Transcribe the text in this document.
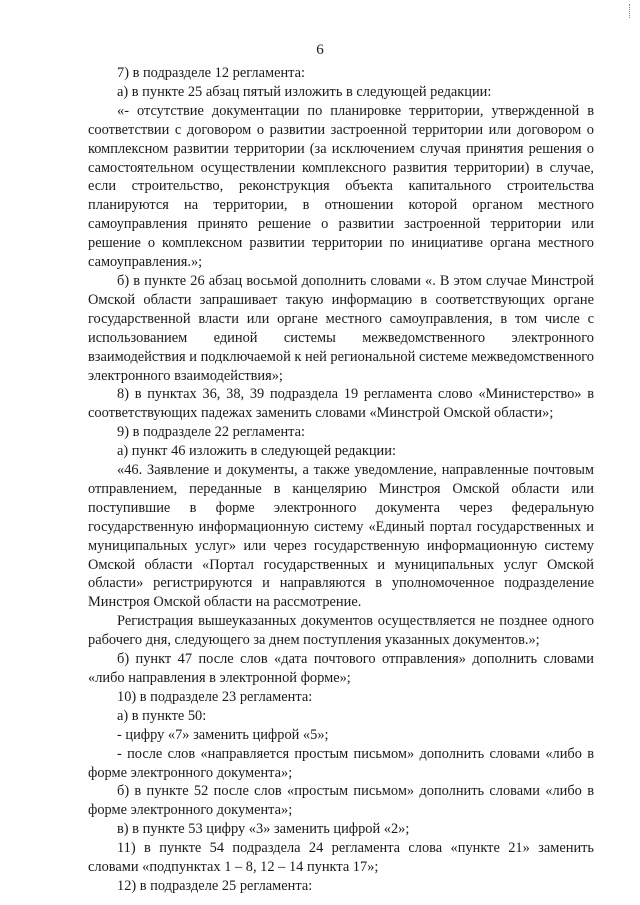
6

7) в подразделе 12 регламента:

а) в пункте 25 абзац пятый изложить в следующей редакции:

«- отсутствие документации по планировке территории, утвержденной в соответствии с договором о развитии застроенной территории или договором о комплексном развитии территории (за исключением случая принятия решения о самостоятельном осуществлении комплексного развития территории) в случае, если строительство, реконструкция объекта капитального строительства планируются на территории, в отношении которой органом местного самоуправления принято решение о развитии застроенной территории или решение о комплексном развитии территории по инициативе органа местного самоуправления.»;

б) в пункте 26 абзац восьмой дополнить словами «. В этом случае Минстрой Омской области запрашивает такую информацию в соответствующих органе государственной власти или органе местного самоуправления, в том числе с использованием единой системы межведомственного электронного взаимодействия и подключаемой к ней региональной системе межведомственного электронного взаимодействия»;

8) в пунктах 36, 38, 39 подраздела 19 регламента слово «Министерство» в соответствующих падежах заменить словами «Минстрой Омской области»;

9) в подразделе 22 регламента:

а) пункт 46 изложить в следующей редакции:

«46. Заявление и документы, а также уведомление, направленные почтовым отправлением, переданные в канцелярию Минстроя Омской области или поступившие в форме электронного документа через федеральную государственную информационную систему «Единый портал государственных и муниципальных услуг» или через государственную информационную систему Омской области «Портал государственных и муниципальных услуг Омской области» регистрируются и направляются в уполномоченное подразделение Минстроя Омской области на рассмотрение.

Регистрация вышеуказанных документов осуществляется не позднее одного рабочего дня, следующего за днем поступления указанных документов.»;

б) пункт 47 после слов «дата почтового отправления» дополнить словами «либо направления в электронной форме»;

10) в подразделе 23 регламента:

а) в пункте 50:

- цифру «7» заменить цифрой «5»;

- после слов «направляется простым письмом» дополнить словами «либо в форме электронного документа»;

б) в пункте 52 после слов «простым письмом» дополнить словами «либо в форме электронного документа»;

в) в пункте 53 цифру «3» заменить цифрой «2»;

11) в пункте 54 подраздела 24 регламента слова «пункте 21» заменить словами «подпунктах 1 – 8, 12 – 14 пункта 17»;

12) в подразделе 25 регламента:
